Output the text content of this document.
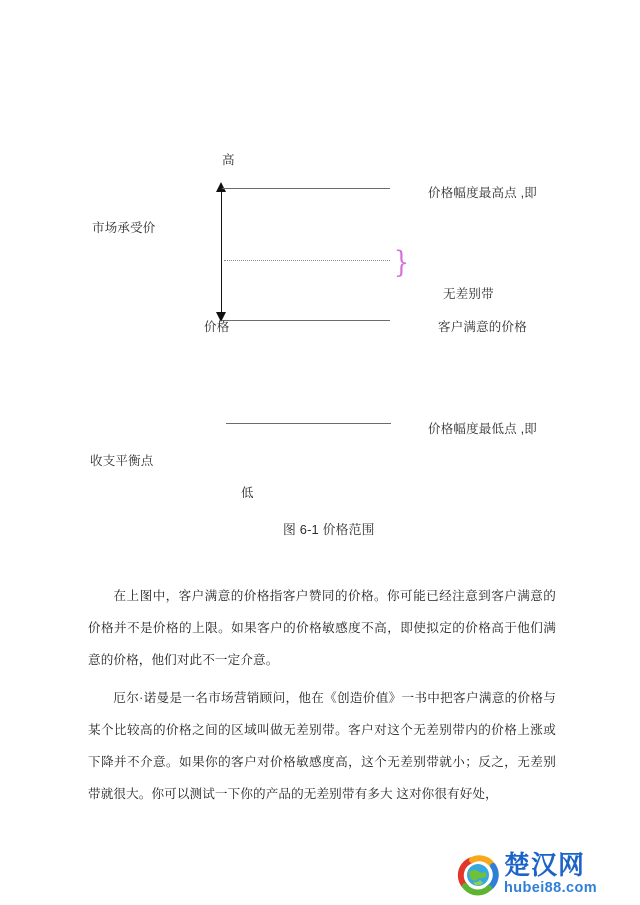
高
市场承受价
}
价格
价格幅度最高点 ,即
无差别带
客户满意的价格
价格幅度最低点 ,即
收支平衡点
低
图 6-1 价格范围

在上图中，客户满意的价格指客户赞同的价格。你可能已经注意到客户满意的价格并不是价格的上限。如果客户的价格敏感度不高，即使拟定的价格高于他们满意的价格，他们对此不一定介意。

厄尔·诺曼是一名市场营销顾问，他在《创造价值》一书中把客户满意的价格与某个比较高的价格之间的区域叫做无差别带。客户对这个无差别带内的价格上涨或下降并不介意。如果你的客户对价格敏感度高，这个无差别带就小；反之，无差别带就很大。你可以测试一下你的产品的无差别带有多大 这对你很有好处，

楚汉网
hubei88.com
